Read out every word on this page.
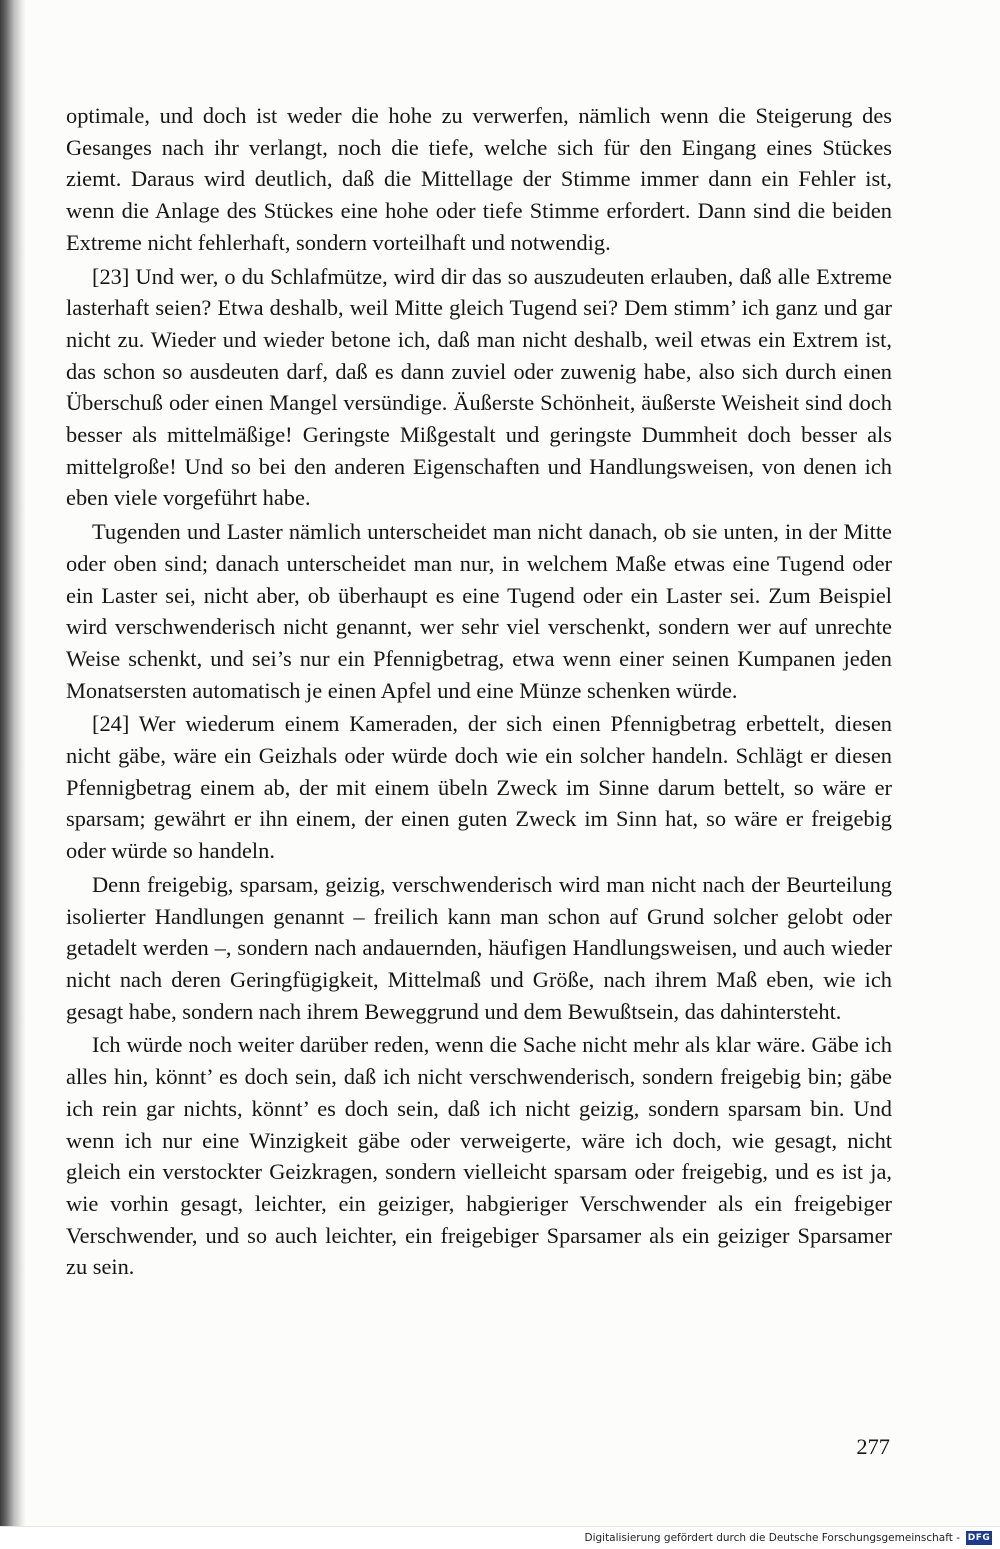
optimale, und doch ist weder die hohe zu verwerfen, nämlich wenn die Steigerung des Gesanges nach ihr verlangt, noch die tiefe, welche sich für den Eingang eines Stückes ziemt. Daraus wird deutlich, daß die Mittellage der Stimme immer dann ein Fehler ist, wenn die Anlage des Stückes eine hohe oder tiefe Stimme erfordert. Dann sind die beiden Extreme nicht fehlerhaft, sondern vorteilhaft und notwendig.

[23] Und wer, o du Schlafmütze, wird dir das so auszudeuten erlauben, daß alle Extreme lasterhaft seien? Etwa deshalb, weil Mitte gleich Tugend sei? Dem stimm’ ich ganz und gar nicht zu. Wieder und wieder betone ich, daß man nicht deshalb, weil etwas ein Extrem ist, das schon so ausdeuten darf, daß es dann zuviel oder zuwenig habe, also sich durch einen Überschuß oder einen Mangel versündige. Äußerste Schönheit, äußerste Weisheit sind doch besser als mittelmäßige! Geringste Mißgestalt und geringste Dummheit doch besser als mittelgroße! Und so bei den anderen Eigenschaften und Handlungsweisen, von denen ich eben viele vorgeführt habe.

Tugenden und Laster nämlich unterscheidet man nicht danach, ob sie unten, in der Mitte oder oben sind; danach unterscheidet man nur, in welchem Maße etwas eine Tugend oder ein Laster sei, nicht aber, ob überhaupt es eine Tugend oder ein Laster sei. Zum Beispiel wird verschwenderisch nicht genannt, wer sehr viel verschenkt, sondern wer auf unrechte Weise schenkt, und sei’s nur ein Pfennigbetrag, etwa wenn einer seinen Kumpanen jeden Monatsersten automatisch je einen Apfel und eine Münze schenken würde.

[24] Wer wiederum einem Kameraden, der sich einen Pfennigbetrag erbettelt, diesen nicht gäbe, wäre ein Geizhals oder würde doch wie ein solcher handeln. Schlägt er diesen Pfennigbetrag einem ab, der mit einem übeln Zweck im Sinne darum bettelt, so wäre er sparsam; gewährt er ihn einem, der einen guten Zweck im Sinn hat, so wäre er freigebig oder würde so handeln.

Denn freigebig, sparsam, geizig, verschwenderisch wird man nicht nach der Beurteilung isolierter Handlungen genannt – freilich kann man schon auf Grund solcher gelobt oder getadelt werden –, sondern nach andauernden, häufigen Handlungsweisen, und auch wieder nicht nach deren Geringfügigkeit, Mittelmaß und Größe, nach ihrem Maß eben, wie ich gesagt habe, sondern nach ihrem Beweggrund und dem Bewußtsein, das dahintersteht.

Ich würde noch weiter darüber reden, wenn die Sache nicht mehr als klar wäre. Gäbe ich alles hin, könnt’ es doch sein, daß ich nicht verschwenderisch, sondern freigebig bin; gäbe ich rein gar nichts, könnt’ es doch sein, daß ich nicht geizig, sondern sparsam bin. Und wenn ich nur eine Winzigkeit gäbe oder verweigerte, wäre ich doch, wie gesagt, nicht gleich ein verstockter Geizkragen, sondern vielleicht sparsam oder freigebig, und es ist ja, wie vorhin gesagt, leichter, ein geiziger, habgieriger Verschwender als ein freigebiger Verschwender, und so auch leichter, ein freigebiger Sparsamer als ein geiziger Sparsamer zu sein.

277
Digitalisierung gefördert durch die Deutsche Forschungsgemeinschaft - DFG
